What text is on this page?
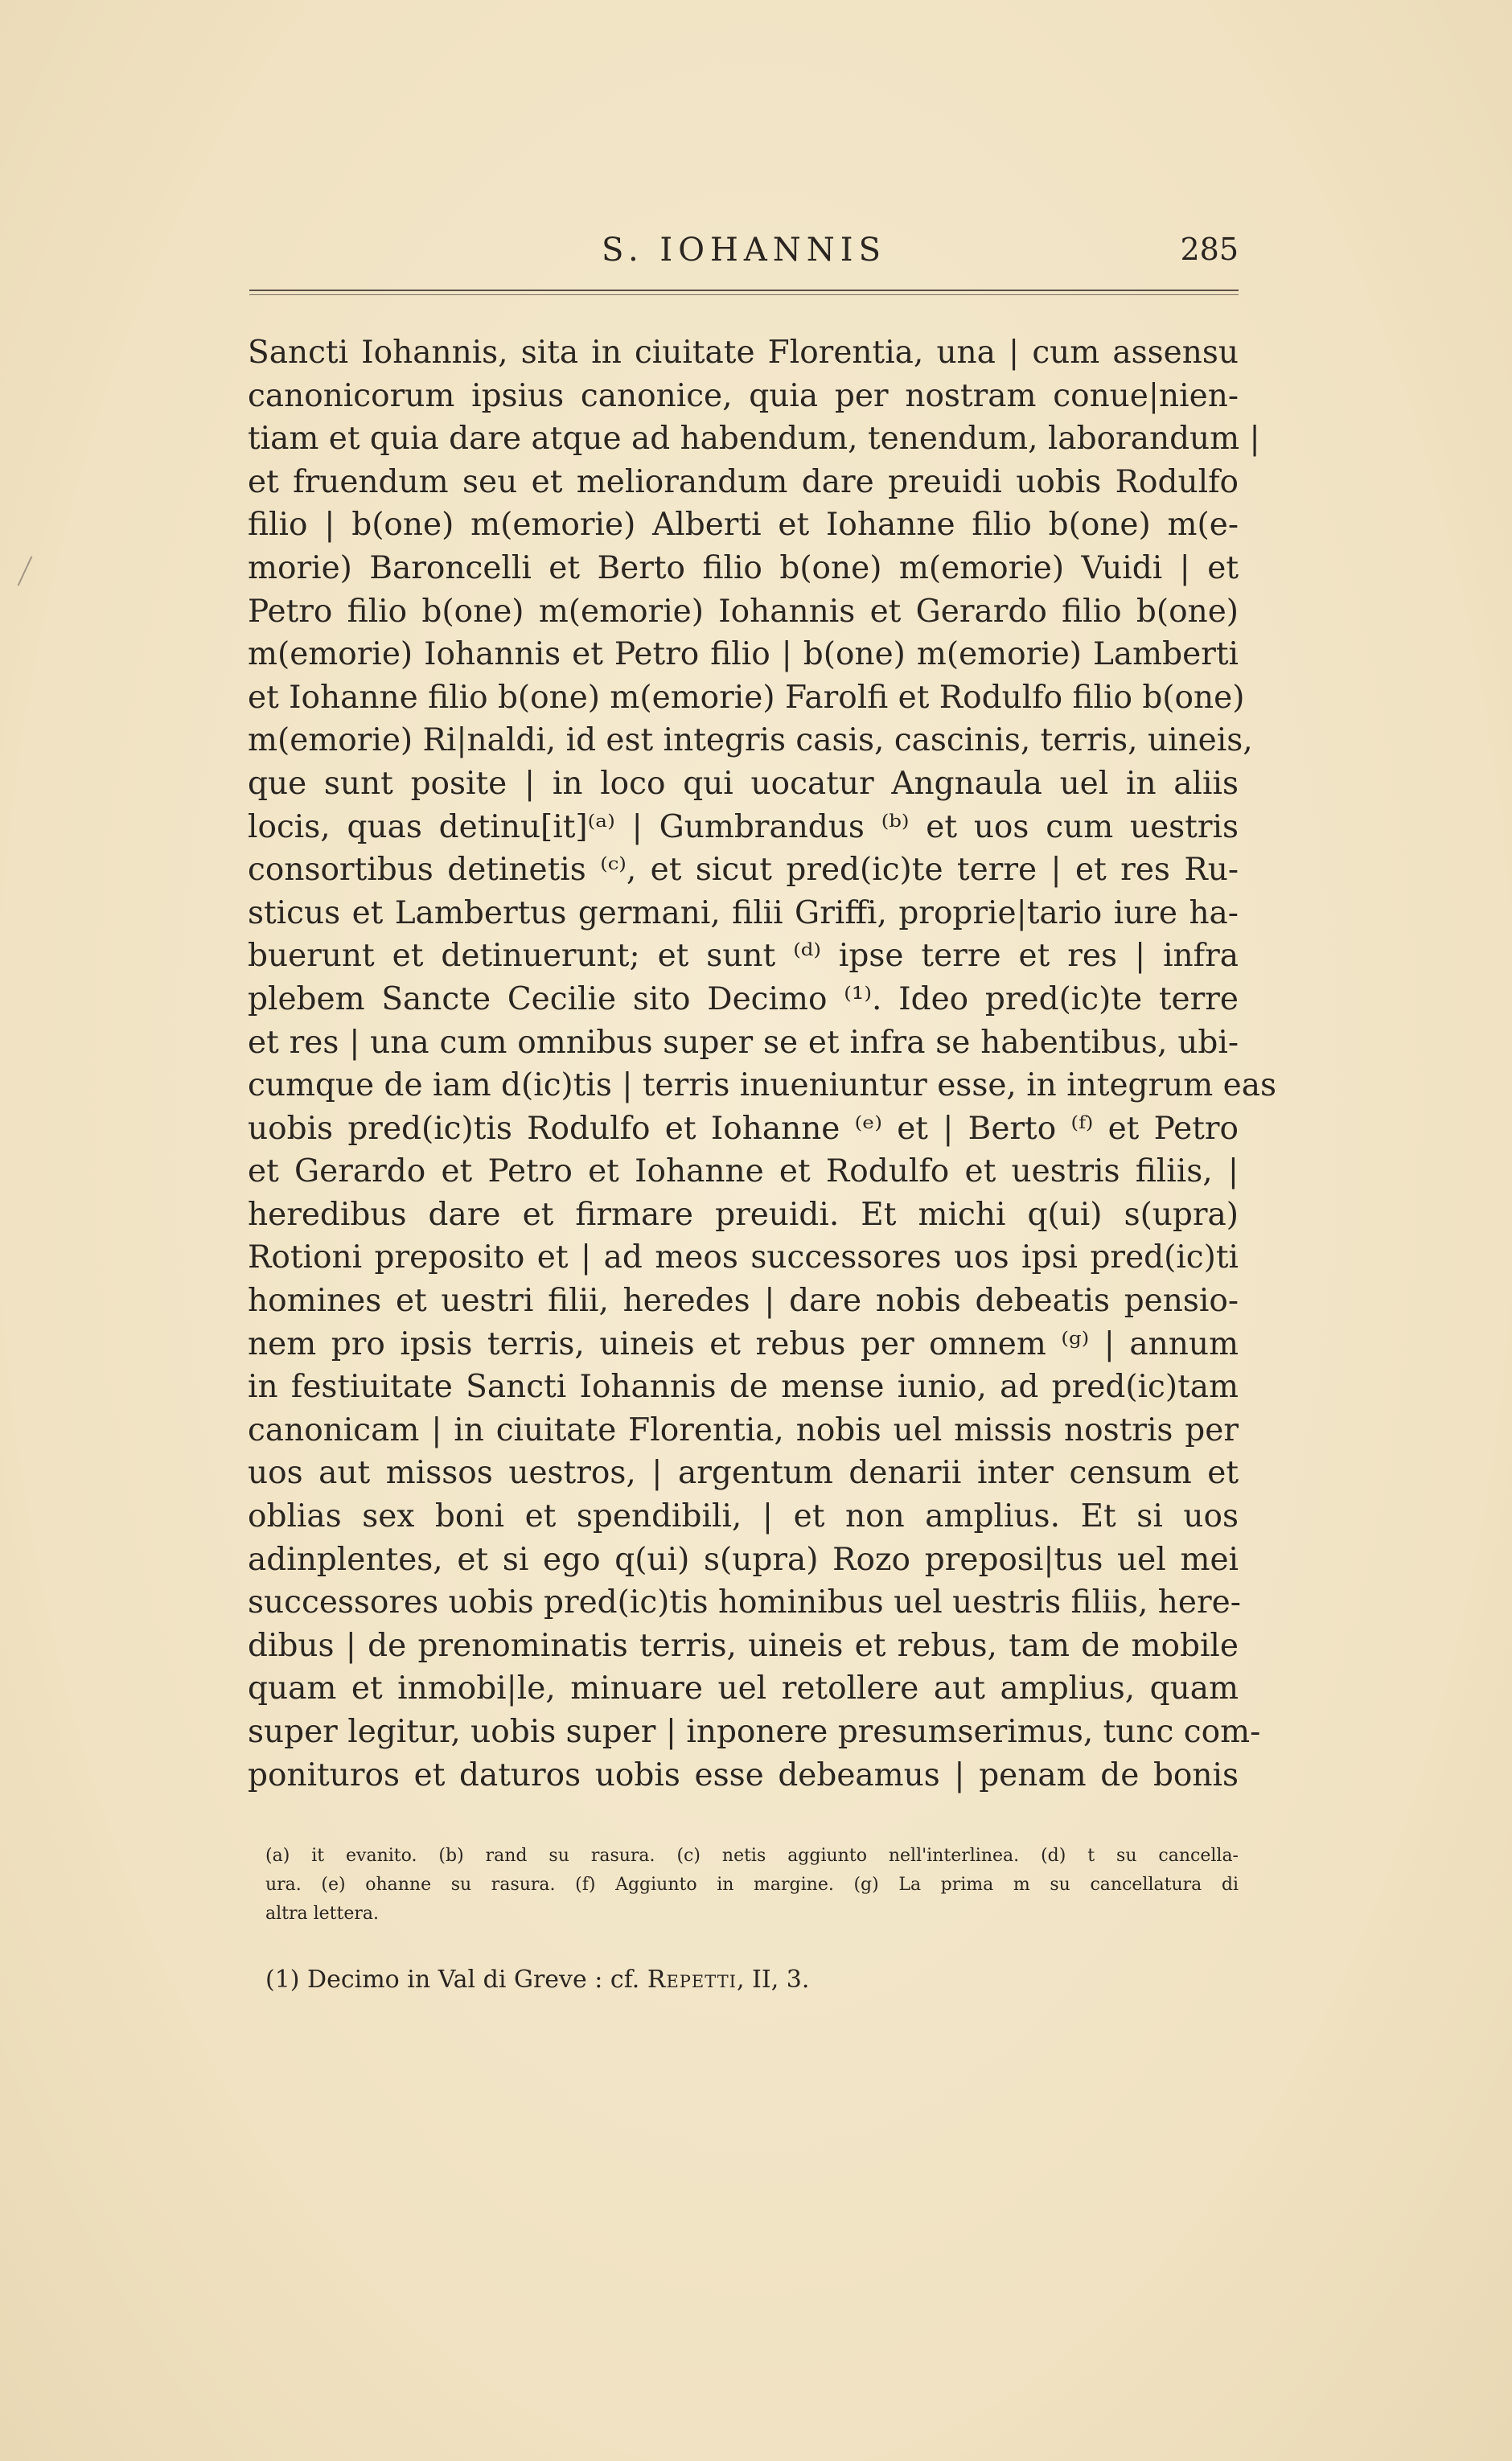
S. IOHANNIS	285
Sancti Iohannis, sita in ciuitate Florentia, una | cum assensu
canonicorum ipsius canonice, quia per nostram conue|nien-
tiam et quia dare atque ad habendum, tenendum, laborandum |
et fruendum seu et meliorandum dare preuidi uobis Rodulfo
filio | b(one) m(emorie) Alberti et Iohanne filio b(one) m(e-
morie) Baroncelli et Berto filio b(one) m(emorie) Vuidi | et
Petro filio b(one) m(emorie) Iohannis et Gerardo filio b(one)
m(emorie) Iohannis et Petro filio | b(one) m(emorie) Lamberti
et Iohanne filio b(one) m(emorie) Farolfi et Rodulfo filio b(one)
m(emorie) Ri|naldi, id est integris casis, cascinis, terris, uineis,
que sunt posite | in loco qui uocatur Angnaula uel in aliis
locis, quas detinu[it]⁽ᵃ⁾ | Gumbrandus ⁽ᵇ⁾ et uos cum uestris
consortibus detinetis ⁽ᶜ⁾, et sicut pred(ic)te terre | et res Ru-
sticus et Lambertus germani, filii Griffi, proprie|tario iure ha-
buerunt et detinuerunt; et sunt ⁽ᵈ⁾ ipse terre et res | infra
plebem Sancte Cecilie sito Decimo ⁽¹⁾. Ideo pred(ic)te terre
et res | una cum omnibus super se et infra se habentibus, ubi-
cumque de iam d(ic)tis | terris inueniuntur esse, in integrum eas
uobis pred(ic)tis Rodulfo et Iohanne ⁽ᵉ⁾ et | Berto ⁽ᶠ⁾ et Petro
et Gerardo et Petro et Iohanne et Rodulfo et uestris filiis, |
heredibus dare et firmare preuidi. Et michi q(ui) s(upra)
Rotioni preposito et | ad meos successores uos ipsi pred(ic)ti
homines et uestri filii, heredes | dare nobis debeatis pensio-
nem pro ipsis terris, uineis et rebus per omnem ⁽ᵍ⁾ | annum
in festiuitate Sancti Iohannis de mense iunio, ad pred(ic)tam
canonicam | in ciuitate Florentia, nobis uel missis nostris per
uos aut missos uestros, | argentum denarii inter censum et
oblias sex boni et spendibili, | et non amplius. Et si uos
adinplentes, et si ego q(ui) s(upra) Rozo preposi|tus uel mei
successores uobis pred(ic)tis hominibus uel uestris filiis, here-
dibus | de prenominatis terris, uineis et rebus, tam de mobile
quam et inmobi|le, minuare uel retollere aut amplius, quam
super legitur, uobis super | inponere presumserimus, tunc com-
ponituros et daturos uobis esse debeamus | penam de bonis
(a) it evanito. (b) rand su rasura. (c) netis aggiunto nell'interlinea. (d) t su cancella-
ura. (e) ohanne su rasura. (f) Aggiunto in margine. (g) La prima m su cancellatura di
altra lettera.
(1) Decimo in Val di Greve : cf. Repetti, II, 3.
